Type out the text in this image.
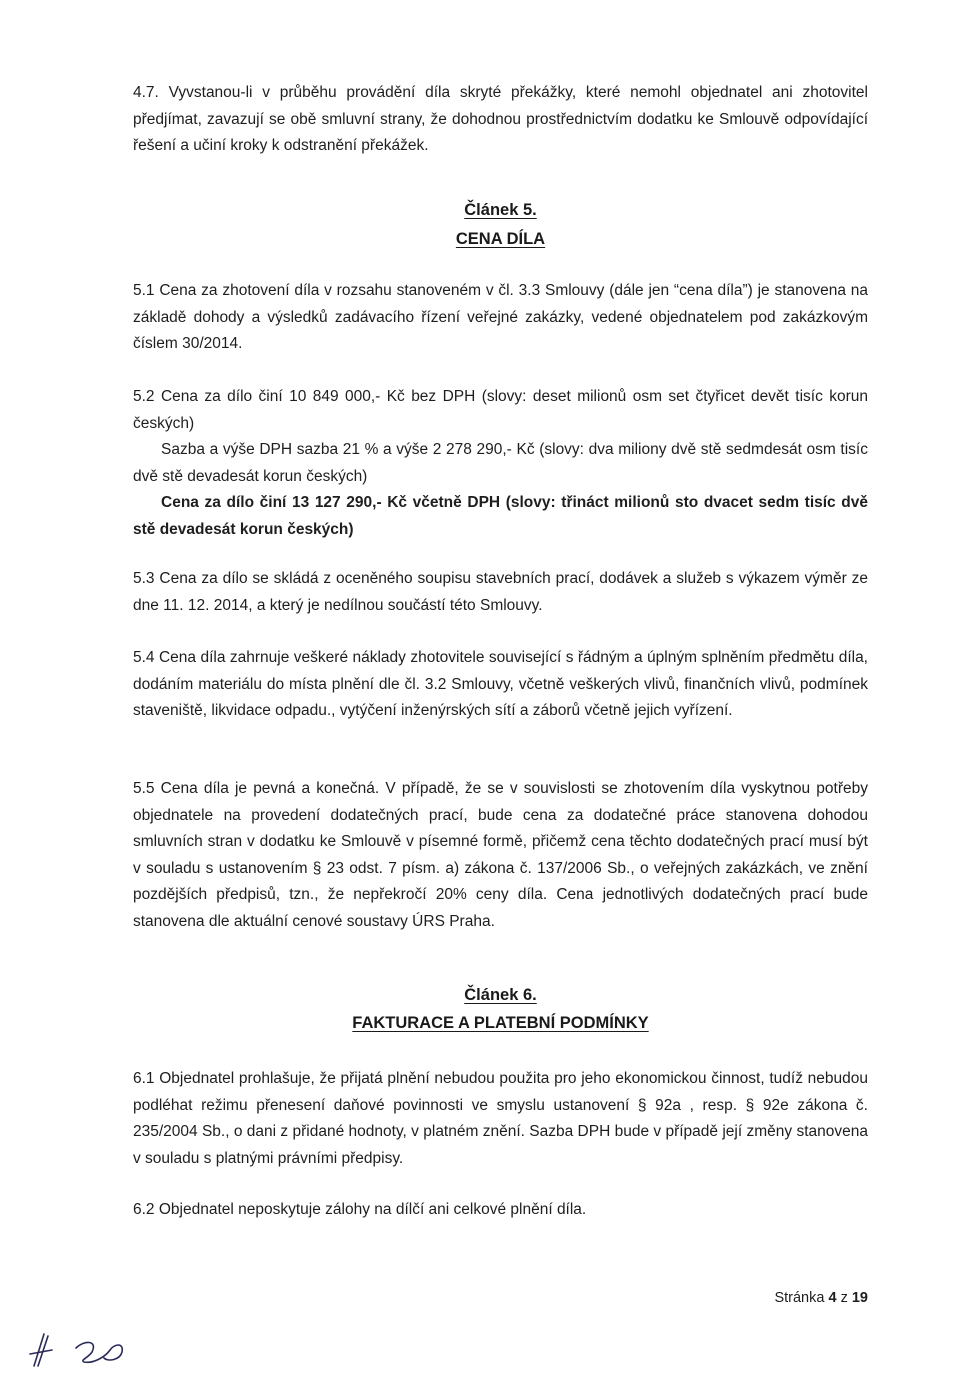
4.7. Vyvstanou-li v průběhu provádění díla skryté překážky, které nemohl objednatel ani zhotovitel předjímat, zavazují se obě smluvní strany, že dohodnou prostřednictvím dodatku ke Smlouvě odpovídající řešení a učiní kroky k odstranění překážek.

Článek 5.
CENA DÍLA

5.1 Cena za zhotovení díla v rozsahu stanoveném v čl. 3.3 Smlouvy (dále jen “cena díla”) je stanovena na základě dohody a výsledků zadávacího řízení veřejné zakázky, vedené objednatelem pod zakázkovým číslem 30/2014.

5.2 Cena za dílo činí 10 849 000,- Kč bez DPH (slovy: deset milionů osm set čtyřicet devět tisíc korun českých)
Sazba a výše DPH sazba 21 % a výše 2 278 290,- Kč (slovy: dva miliony dvě stě sedmdesát osm tisíc dvě stě devadesát korun českých)
Cena za dílo činí 13 127 290,- Kč včetně DPH (slovy: třináct milionů sto dvacet sedm tisíc dvě stě devadesát korun českých)

5.3 Cena za dílo se skládá z oceněného soupisu stavebních prací, dodávek a služeb s výkazem výměr ze dne 11. 12. 2014, a který je nedílnou součástí této Smlouvy.

5.4 Cena díla zahrnuje veškeré náklady zhotovitele související s řádným a úplným splněním předmětu díla, dodáním materiálu do místa plnění dle čl. 3.2 Smlouvy, včetně veškerých vlivů, finančních vlivů, podmínek staveniště, likvidace odpadu., vytýčení inženýrských sítí a záborů včetně jejich vyřízení.

5.5 Cena díla je pevná a konečná. V případě, že se v souvislosti se zhotovením díla vyskytnou potřeby objednatele na provedení dodatečných prací, bude cena za dodatečné práce stanovena dohodou smluvních stran v dodatku ke Smlouvě v písemné formě, přičemž cena těchto dodatečných prací musí být v souladu s ustanovením § 23 odst. 7 písm. a) zákona č. 137/2006 Sb., o veřejných zakázkách, ve znění pozdějších předpisů, tzn., že nepřekročí 20% ceny díla. Cena jednotlivých dodatečných prací bude stanovena dle aktuální cenové soustavy ÚRS Praha.

Článek 6.
FAKTURACE A PLATEBNÍ PODMÍNKY

6.1 Objednatel prohlašuje, že přijatá plnění nebudou použita pro jeho ekonomickou činnost, tudíž nebudou podléhat režimu přenesení daňové povinnosti ve smyslu ustanovení § 92a , resp. § 92e zákona č. 235/2004 Sb., o dani z přidané hodnoty, v platném znění. Sazba DPH bude v případě její změny stanovena v souladu s platnými právními předpisy.

6.2 Objednatel neposkytuje zálohy na dílčí ani celkové plnění díla.

Stránka 4 z 19
